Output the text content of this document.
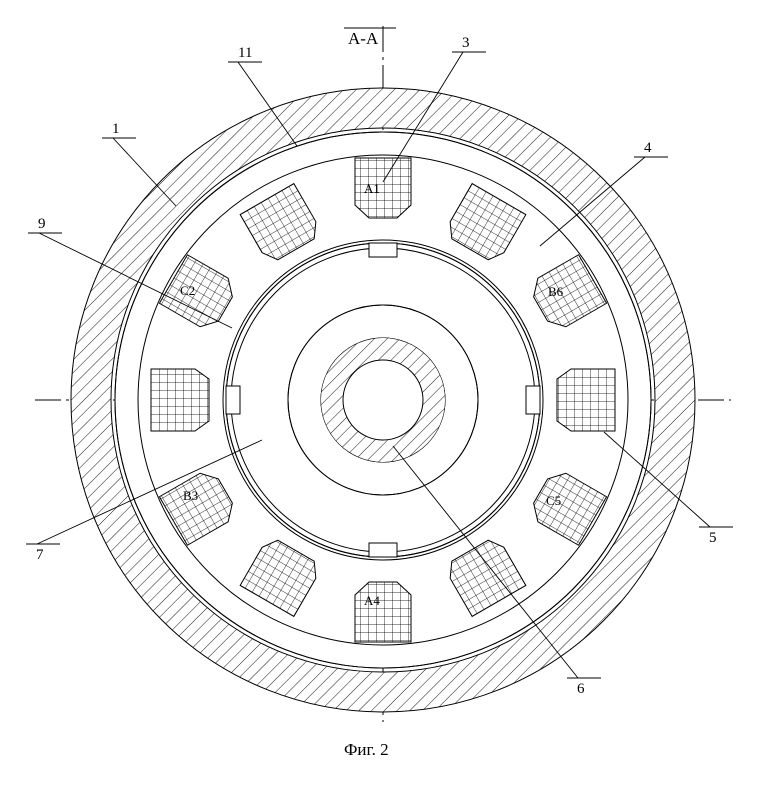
A-A
11
3
1
4
9
7
5
6
A1
B6
C2
B3	C5
A4
Фиг. 2
